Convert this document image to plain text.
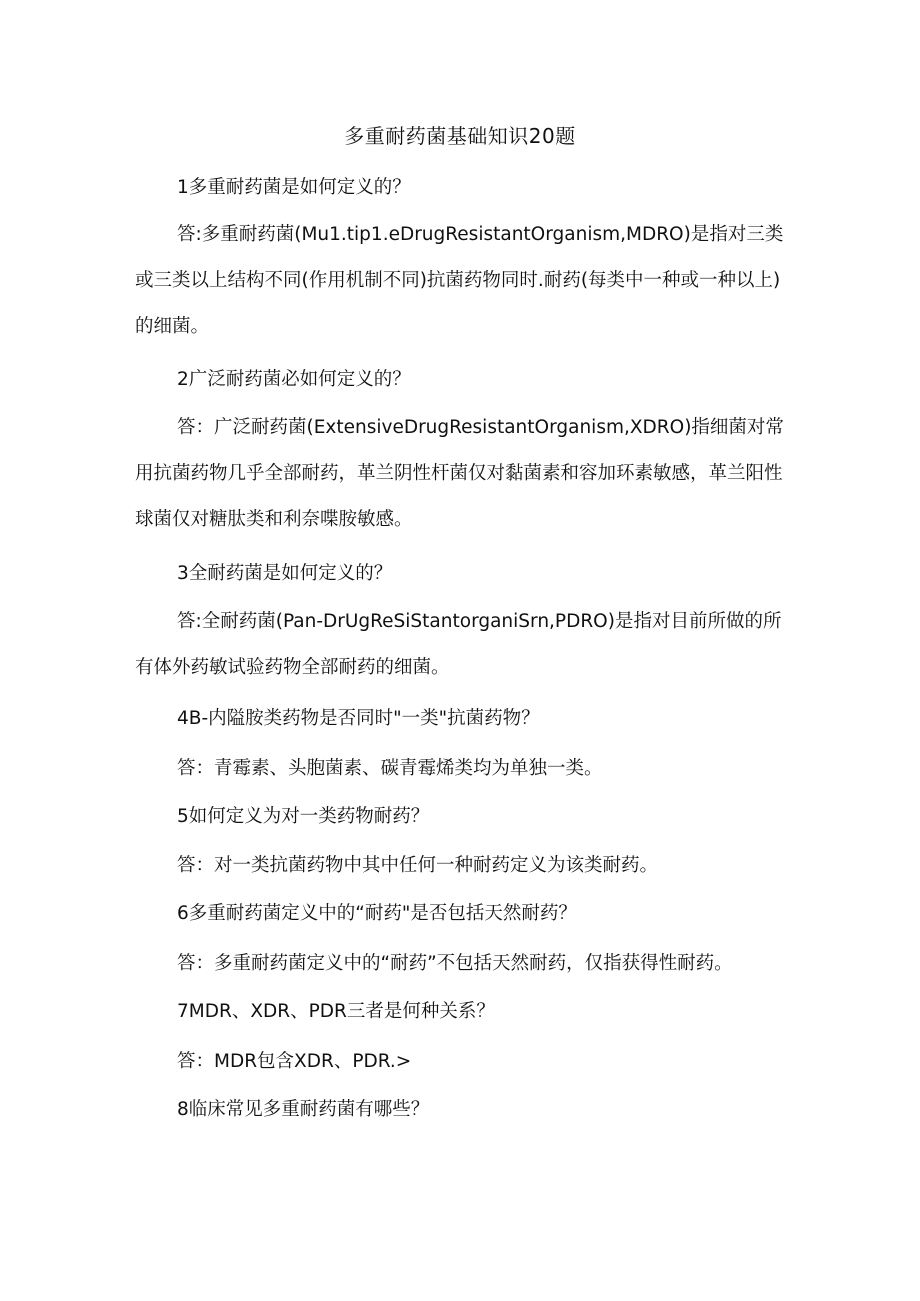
多重耐药菌基础知识20题

1多重耐药菌是如何定义的？

答:多重耐药菌(Mu1.tip1.eDrugResistantOrganism,MDRO)是指对三类或三类以上结构不同(作用机制不同)抗菌药物同时.耐药(每类中一种或一种以上)的细菌。

2广泛耐药菌必如何定义的？

答：广泛耐药菌(ExtensiveDrugResistantOrganism,XDRO)指细菌对常用抗菌药物几乎全部耐药，革兰阴性杆菌仅对黏菌素和容加环素敏感，革兰阳性球菌仅对糖肽类和利奈喋胺敏感。

3全耐药菌是如何定义的？

答:全耐药菌(Pan-DrUgReSiStantorganiSrn,PDRO)是指对目前所做的所有体外药敏试验药物全部耐药的细菌。

4B-内隘胺类药物是否同时"一类"抗菌药物？

答：青霉素、头胞菌素、碳青霉烯类均为单独一类。

5如何定义为对一类药物耐药？

答：对一类抗菌药物中其中任何一种耐药定义为该类耐药。

6多重耐药菌定义中的“耐药"是否包括天然耐药？

答：多重耐药菌定义中的“耐药”不包括天然耐药，仅指获得性耐药。

7MDR、XDR、PDR三者是何种关系？

答：MDR包含XDR、PDR.>

8临床常见多重耐药菌有哪些？
